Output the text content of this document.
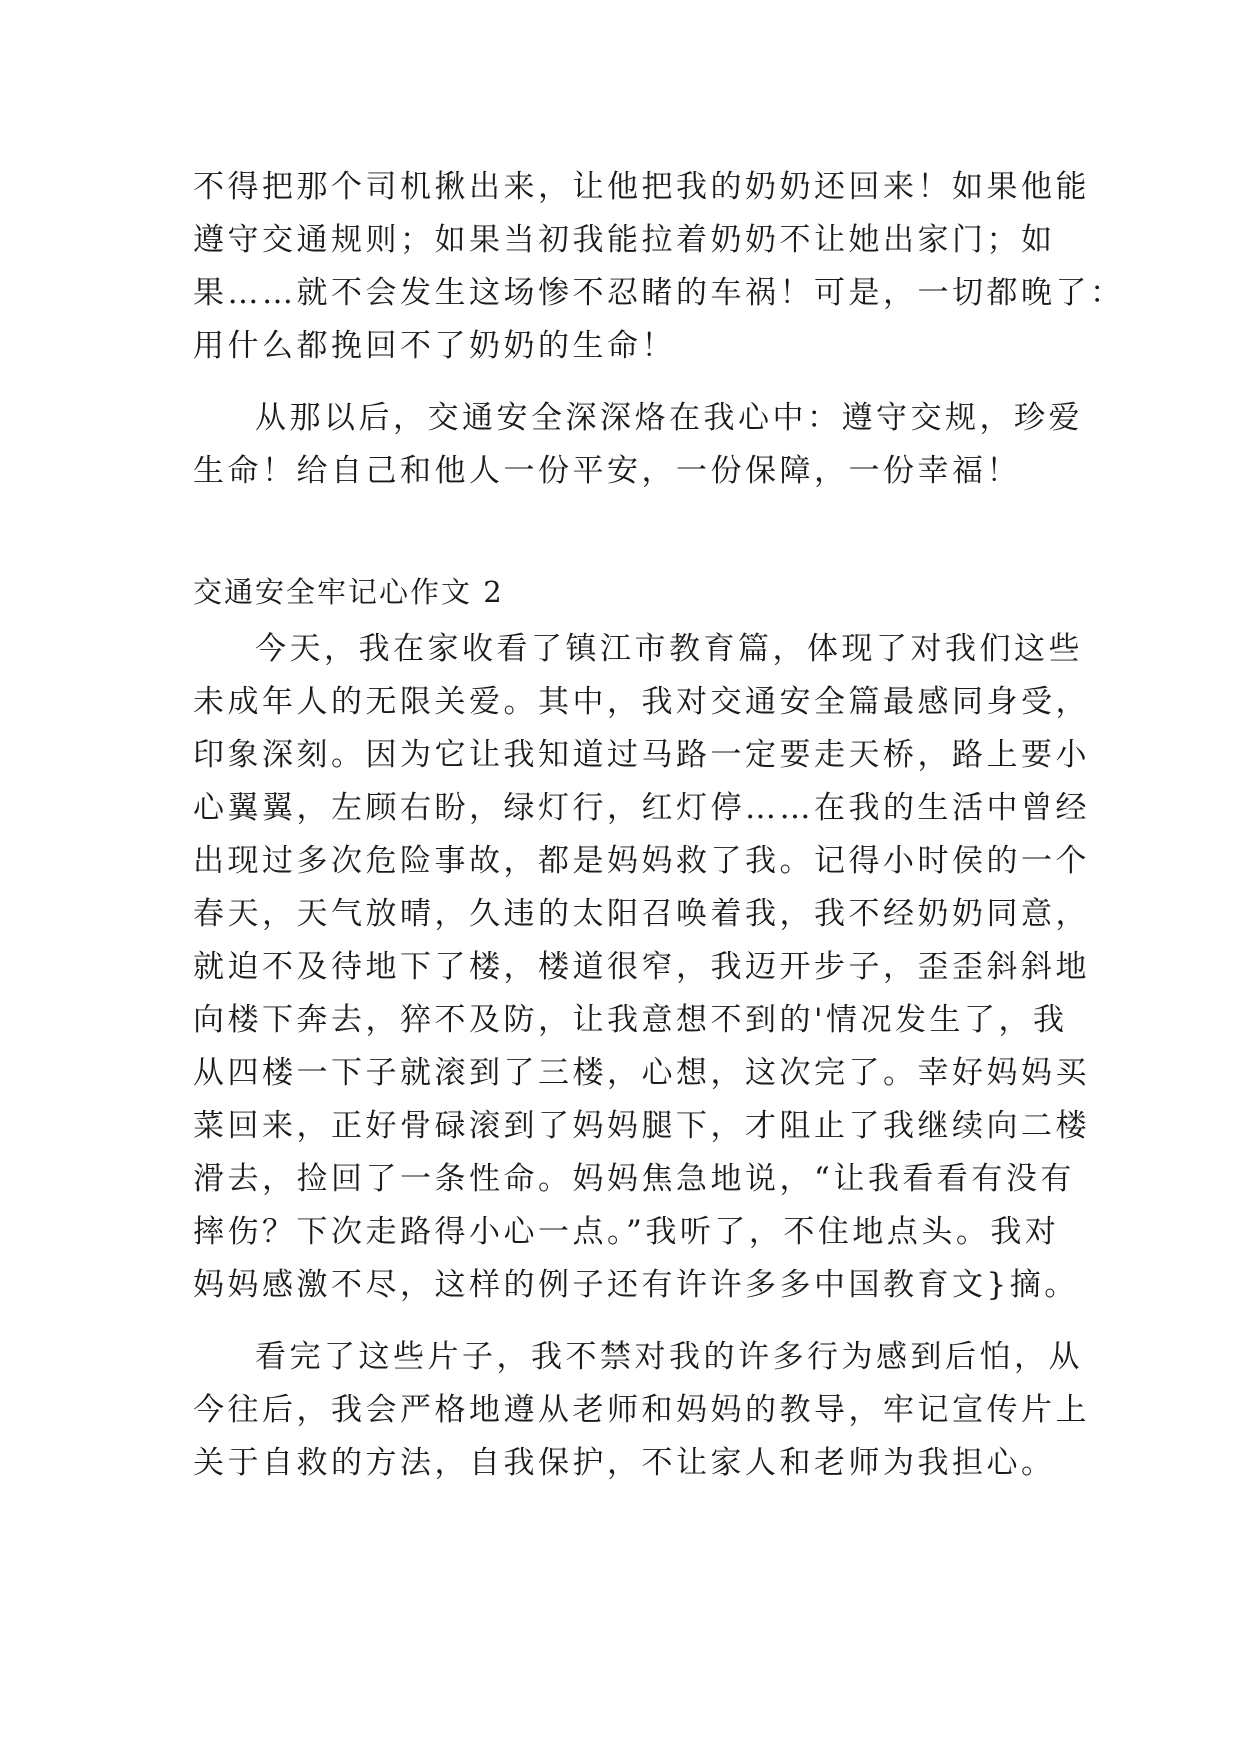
不得把那个司机揪出来，让他把我的奶奶还回来！如果他能
遵守交通规则；如果当初我能拉着奶奶不让她出家门；如
果……就不会发生这场惨不忍睹的车祸！可是，一切都晚了：
用什么都挽回不了奶奶的生命！
从那以后，交通安全深深烙在我心中：遵守交规，珍爱
生命！给自己和他人一份平安，一份保障，一份幸福！
交通安全牢记心作文 2
今天，我在家收看了镇江市教育篇，体现了对我们这些
未成年人的无限关爱。其中，我对交通安全篇最感同身受，
印象深刻。因为它让我知道过马路一定要走天桥，路上要小
心翼翼，左顾右盼，绿灯行，红灯停……在我的生活中曾经
出现过多次危险事故，都是妈妈救了我。记得小时侯的一个
春天，天气放晴，久违的太阳召唤着我，我不经奶奶同意，
就迫不及待地下了楼，楼道很窄，我迈开步子，歪歪斜斜地
向楼下奔去，猝不及防，让我意想不到的'情况发生了，我
从四楼一下子就滚到了三楼，心想，这次完了。幸好妈妈买
菜回来，正好骨碌滚到了妈妈腿下，才阻止了我继续向二楼
滑去，捡回了一条性命。妈妈焦急地说，“让我看看有没有
摔伤？下次走路得小心一点。”我听了，不住地点头。我对
妈妈感激不尽，这样的例子还有许许多多中国教育文}摘。
看完了这些片子，我不禁对我的许多行为感到后怕，从
今往后，我会严格地遵从老师和妈妈的教导，牢记宣传片上
关于自救的方法，自我保护，不让家人和老师为我担心。
